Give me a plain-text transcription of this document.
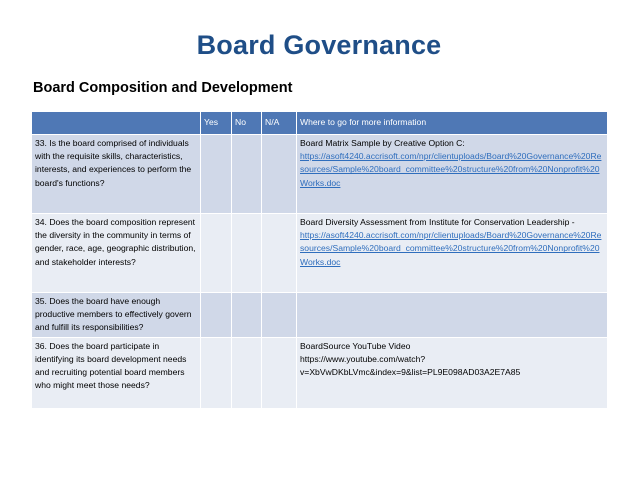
Board Governance
Board Composition and Development
	Yes	No	N/A	Where to go for more information
33. Is the board comprised of individuals with the requisite skills, characteristics, interests, and experiences to perform the board's functions?				Board Matrix Sample by Creative Option C:
https://asoft4240.accrisoft.com/npr/clientuploads/Board%20Governance%20Resources/Sample%20board_committee%20structure%20from%20Nonprofit%20Works.doc
34. Does the board composition represent the diversity in the community in terms of gender, race, age, geographic distribution, and stakeholder interests?				Board Diversity Assessment from Institute for Conservation Leadership -
https://asoft4240.accrisoft.com/npr/clientuploads/Board%20Governance%20Resources/Sample%20board_committee%20structure%20from%20Nonprofit%20Works.doc
35. Does the board have enough productive members to effectively govern and fulfill its responsibilities?				
36. Does the board participate in identifying its board development needs and recruiting potential board members who might meet those needs?				BoardSource YouTube Video
https://www.youtube.com/watch?v=XbVwDKbLVmc&index=9&list=PL9E098AD03A2E7A85
